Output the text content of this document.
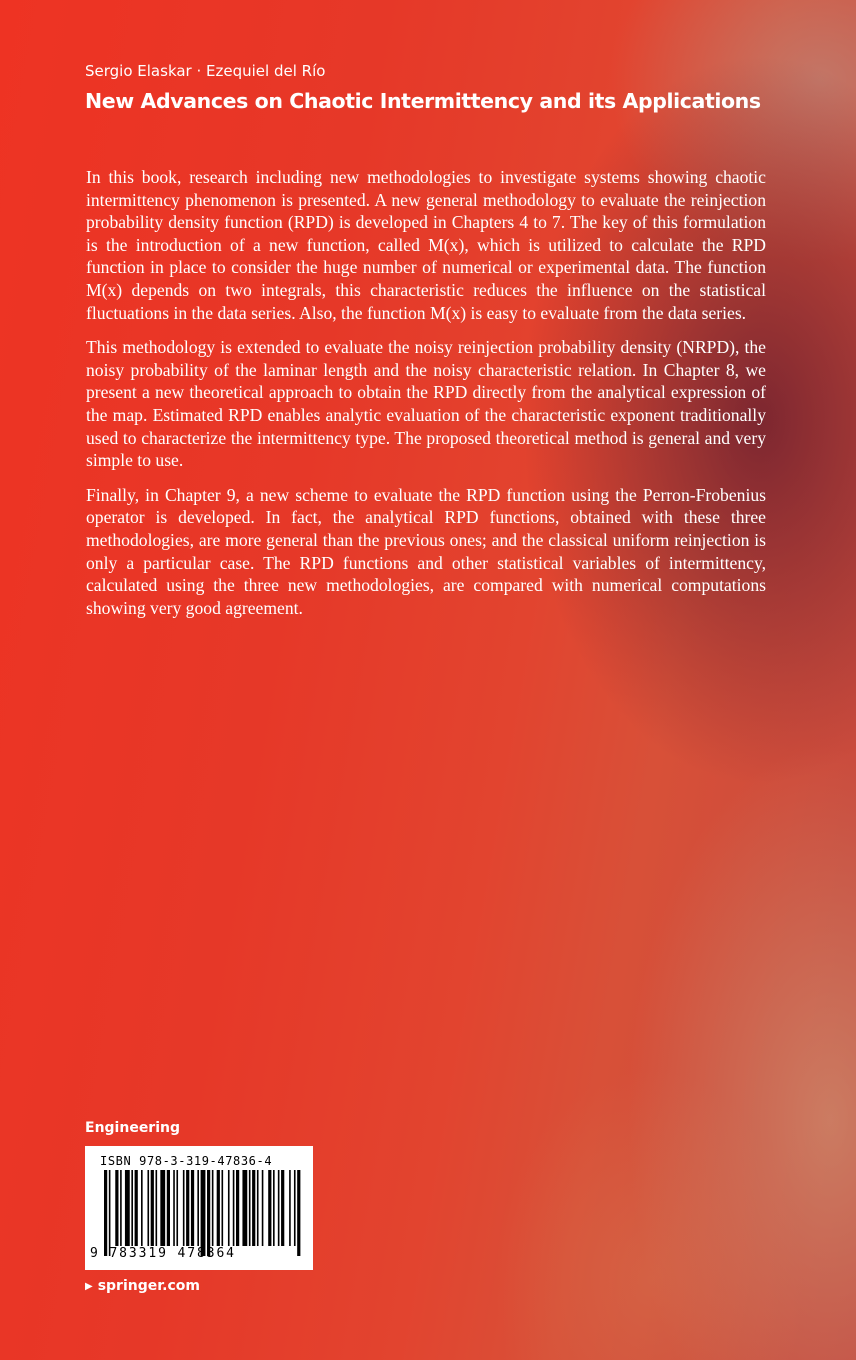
Sergio Elaskar · Ezequiel del Río
New Advances on Chaotic Intermittency and its Applications

In this book, research including new methodologies to investigate systems showing chaotic intermittency phenomenon is presented. A new general methodology to evaluate the reinjection probability density function (RPD) is developed in Chapters 4 to 7. The key of this formulation is the introduction of a new function, called M(x), which is utilized to calculate the RPD function in place to consider the huge number of numerical or experimental data. The function M(x) depends on two integrals, this characteristic reduces the influence on the statistical fluctuations in the data series. Also, the function M(x) is easy to evaluate from the data series.

This methodology is extended to evaluate the noisy reinjection probability density (NRPD), the noisy probability of the laminar length and the noisy characteristic relation. In Chapter 8, we present a new theoretical approach to obtain the RPD directly from the analytical expression of the map. Estimated RPD enables analytic evaluation of the characteristic exponent traditionally used to characterize the intermittency type. The proposed theoretical method is general and very simple to use.

Finally, in Chapter 9, a new scheme to evaluate the RPD function using the Perron-Frobenius operator is developed. In fact, the analytical RPD functions, obtained with these three methodologies, are more general than the previous ones; and the classical uniform reinjection is only a particular case. The RPD functions and other statistical variables of intermittency, calculated using the three new methodologies, are compared with numerical computations showing very good agreement.

Engineering
ISBN 978-3-319-47836-4
9 783319 478364
▶ springer.com
